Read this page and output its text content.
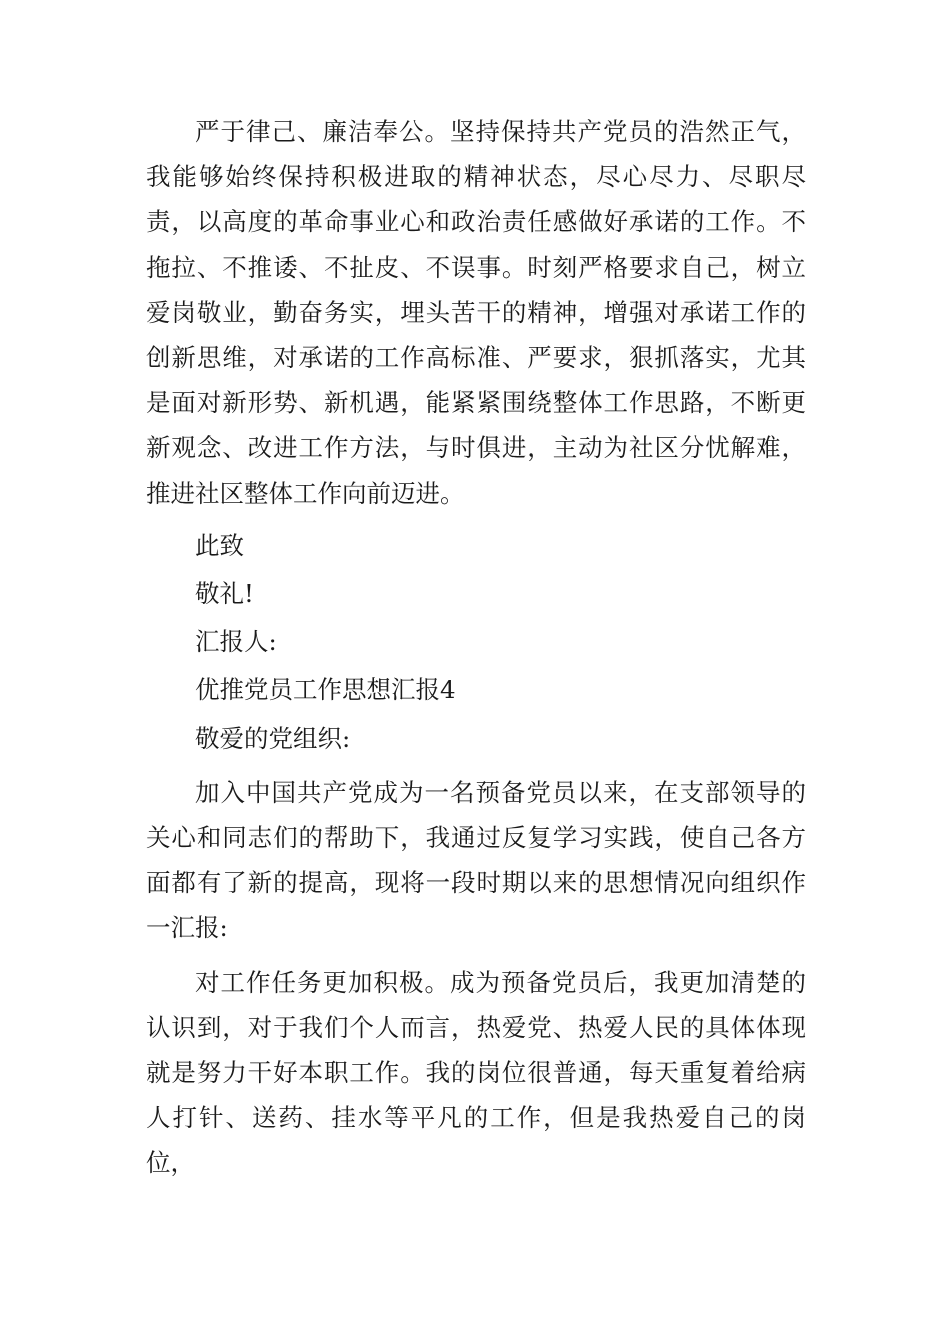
严于律己、廉洁奉公。坚持保持共产党员的浩然正气，我能够始终保持积极进取的精神状态，尽心尽力、尽职尽责，以高度的革命事业心和政治责任感做好承诺的工作。不拖拉、不推诿、不扯皮、不误事。时刻严格要求自己，树立爱岗敬业，勤奋务实，埋头苦干的精神，增强对承诺工作的创新思维，对承诺的工作高标准、严要求，狠抓落实，尤其是面对新形势、新机遇，能紧紧围绕整体工作思路，不断更新观念、改进工作方法，与时俱进，主动为社区分忧解难，推进社区整体工作向前迈进。

此致

敬礼!

汇报人:

优推党员工作思想汇报4

敬爱的党组织:

加入中国共产党成为一名预备党员以来，在支部领导的关心和同志们的帮助下，我通过反复学习实践，使自己各方面都有了新的提高，现将一段时期以来的思想情况向组织作一汇报:

对工作任务更加积极。成为预备党员后，我更加清楚的认识到，对于我们个人而言，热爱党、热爱人民的具体体现就是努力干好本职工作。我的岗位很普通，每天重复着给病人打针、送药、挂水等平凡的工作，但是我热爱自己的岗位，
